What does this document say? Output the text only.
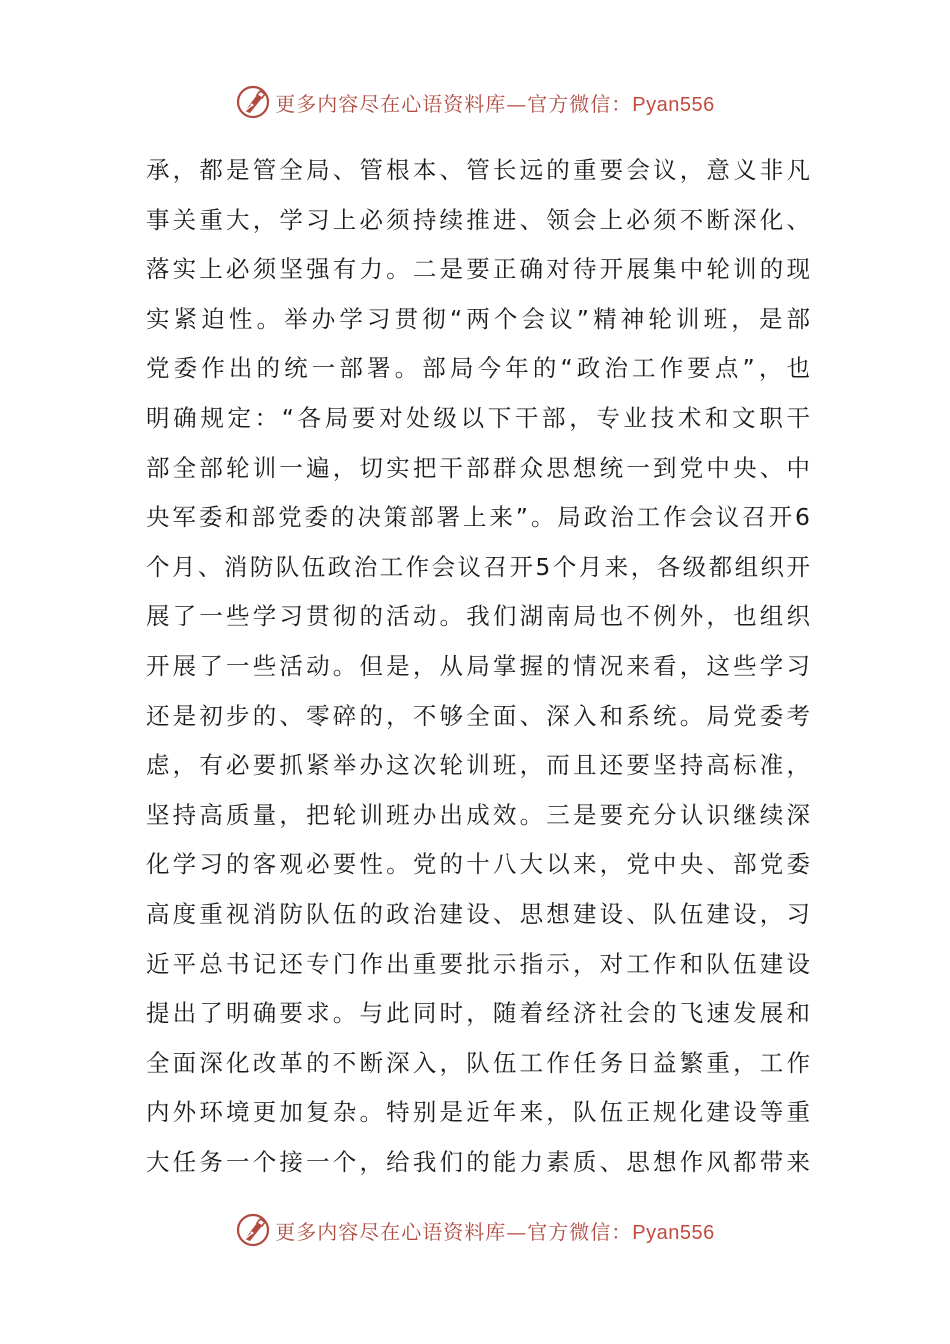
更多内容尽在心语资料库—官方微信：Pyan556
承，都是管全局、管根本、管长远的重要会议，意义非凡
事关重大，学习上必须持续推进、领会上必须不断深化、
落实上必须坚强有力。二是要正确对待开展集中轮训的现
实紧迫性。举办学习贯彻“两个会议”精神轮训班，是部
党委作出的统一部署。部局今年的“政治工作要点”，也
明确规定：“各局要对处级以下干部，专业技术和文职干
部全部轮训一遍，切实把干部群众思想统一到党中央、中
央军委和部党委的决策部署上来”。局政治工作会议召开6
个月、消防队伍政治工作会议召开5个月来，各级都组织开
展了一些学习贯彻的活动。我们湖南局也不例外，也组织
开展了一些活动。但是，从局掌握的情况来看，这些学习
还是初步的、零碎的，不够全面、深入和系统。局党委考
虑，有必要抓紧举办这次轮训班，而且还要坚持高标准，
坚持高质量，把轮训班办出成效。三是要充分认识继续深
化学习的客观必要性。党的十八大以来，党中央、部党委
高度重视消防队伍的政治建设、思想建设、队伍建设，习
近平总书记还专门作出重要批示指示，对工作和队伍建设
提出了明确要求。与此同时，随着经济社会的飞速发展和
全面深化改革的不断深入，队伍工作任务日益繁重，工作
内外环境更加复杂。特别是近年来，队伍正规化建设等重
大任务一个接一个，给我们的能力素质、思想作风都带来
更多内容尽在心语资料库—官方微信：Pyan556
